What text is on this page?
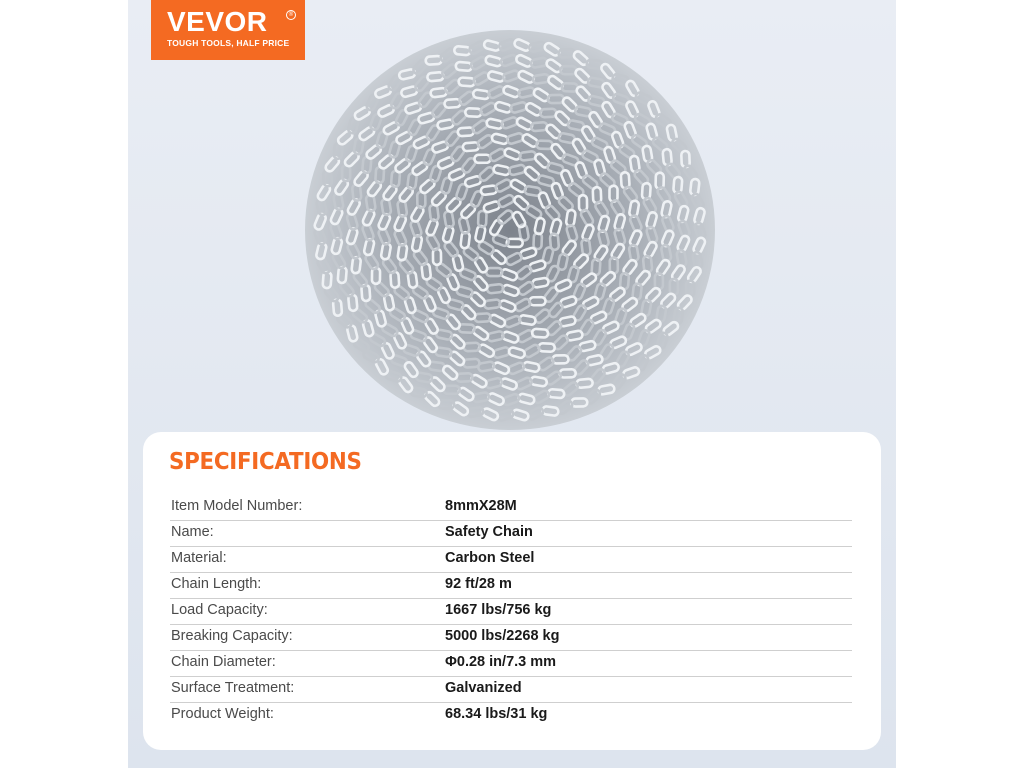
VEVOR	®
TOUGH TOOLS, HALF PRICE
SPECIFICATIONS
Item Model Number:	8mmX28M
Name:	Safety Chain
Material:	Carbon Steel
Chain Length:	92 ft/28 m
Load Capacity:	1667 lbs/756 kg
Breaking Capacity:	5000 lbs/2268 kg
Chain Diameter:	Φ0.28 in/7.3 mm
Surface Treatment:	Galvanized
Product Weight:	68.34 lbs/31 kg
